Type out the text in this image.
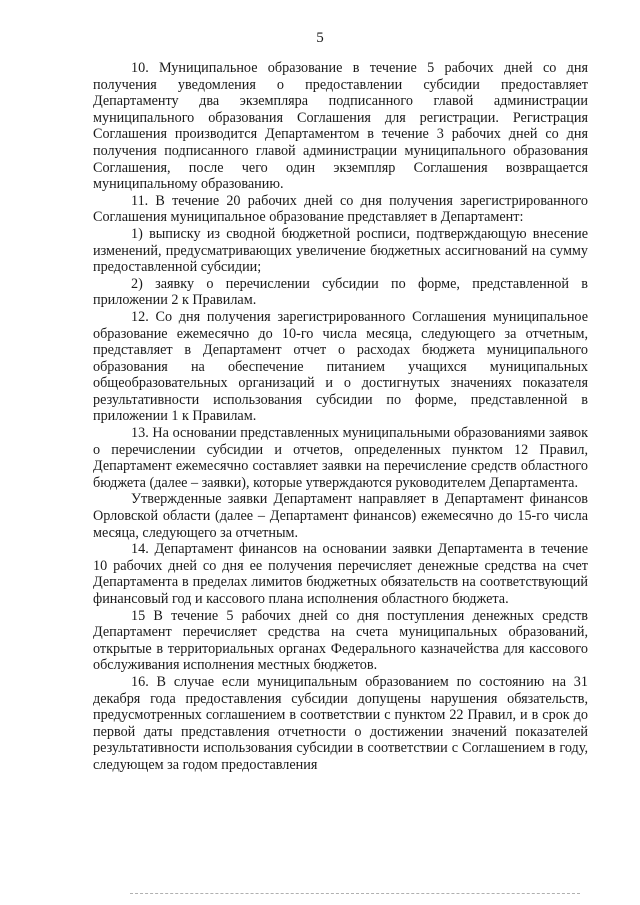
5

10. Муниципальное образование в течение 5 рабочих дней со дня получения уведомления о предоставлении субсидии предоставляет Департаменту два экземпляра подписанного главой администрации муниципального образования Соглашения для регистрации. Регистрация Соглашения производится Департаментом в течение 3 рабочих дней со дня получения подписанного главой администрации муниципального образования Соглашения, после чего один экземпляр Соглашения возвращается муниципальному образованию.

11. В течение 20 рабочих дней со дня получения зарегистрированного Соглашения муниципальное образование представляет в Департамент:

1) выписку из сводной бюджетной росписи, подтверждающую внесение изменений, предусматривающих увеличение бюджетных ассигнований на сумму предоставленной субсидии;

2) заявку о перечислении субсидии по форме, представленной в приложении 2 к Правилам.

12. Со дня получения зарегистрированного Соглашения муниципальное образование ежемесячно до 10-го числа месяца, следующего за отчетным, представляет в Департамент отчет о расходах бюджета муниципального образования на обеспечение питанием учащихся муниципальных общеобразовательных организаций и о достигнутых значениях показателя результативности использования субсидии по форме, представленной в приложении 1 к Правилам.

13. На основании представленных муниципальными образованиями заявок о перечислении субсидии и отчетов, определенных пунктом 12 Правил, Департамент ежемесячно составляет заявки на перечисление средств областного бюджета (далее – заявки), которые утверждаются руководителем Департамента.

Утвержденные заявки Департамент направляет в Департамент финансов Орловской области (далее – Департамент финансов) ежемесячно до 15-го числа месяца, следующего за отчетным.

14. Департамент финансов на основании заявки Департамента в течение 10 рабочих дней со дня ее получения перечисляет денежные средства на счет Департамента в пределах лимитов бюджетных обязательств на соответствующий финансовый год и кассового плана исполнения областного бюджета.

15 В течение 5 рабочих дней со дня поступления денежных средств Департамент перечисляет средства на счета муниципальных образований, открытые в территориальных органах Федерального казначейства для кассового обслуживания исполнения местных бюджетов.

16. В случае если муниципальным образованием по состоянию на 31 декабря года предоставления субсидии допущены нарушения обязательств, предусмотренных соглашением в соответствии с пунктом 22 Правил, и в срок до первой даты представления отчетности о достижении значений показателей результативности использования субсидии в соответствии с Соглашением в году, следующем за годом предоставления
